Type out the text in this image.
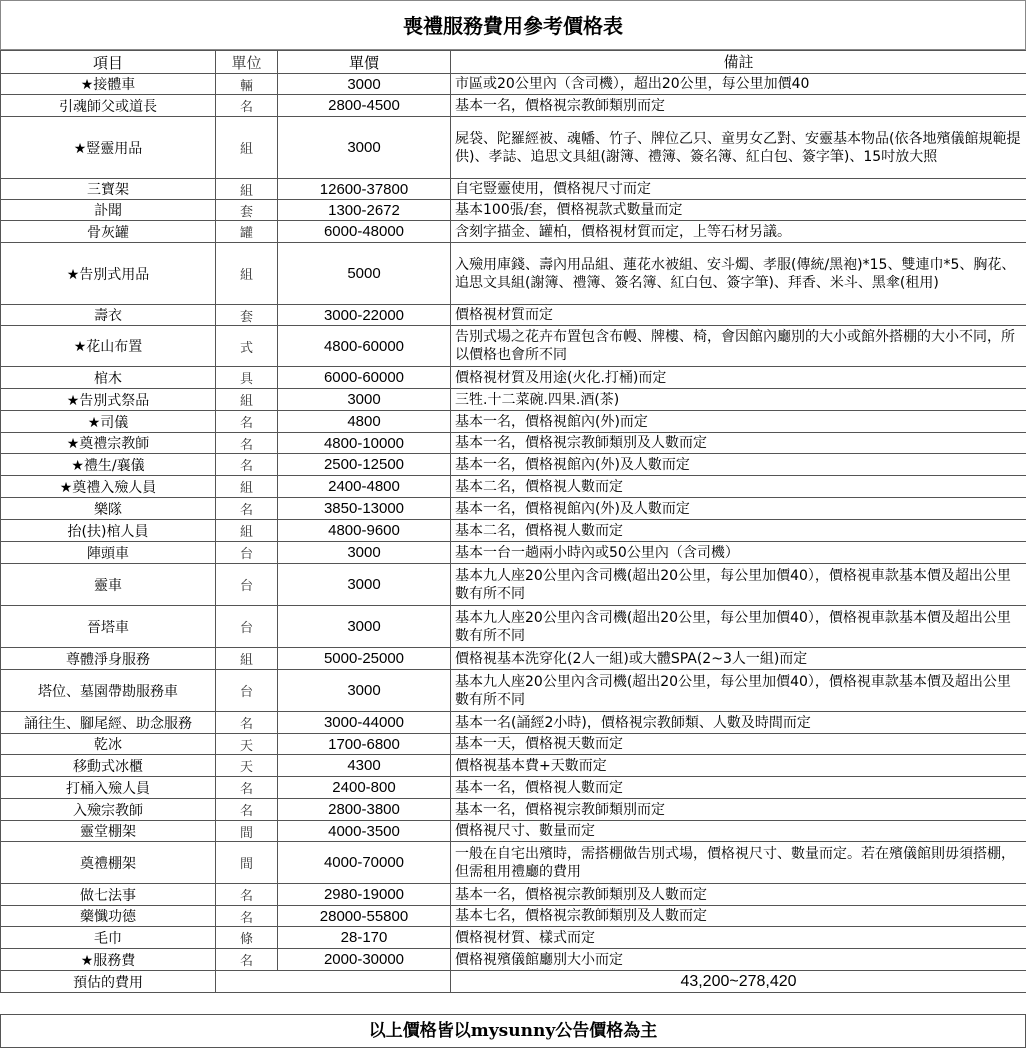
喪禮服務費用參考價格表
項目	單位	單價	備註
★接體車	輛	3000	市區或20公里內（含司機），超出20公里，每公里加價40
引魂師父或道長	名	2800-4500	基本一名，價格視宗教師類別而定
★豎靈用品	組	3000	屍袋、陀羅經被、魂幡、竹子、牌位乙只、童男女乙對、安靈基本物品(依各地殯儀館規範提供)、孝誌、追思文具組(謝簿、禮簿、簽名簿、紅白包、簽字筆)、15吋放大照
三寶架	組	12600-37800	自宅豎靈使用，價格視尺寸而定
訃聞	套	1300-2672	基本100張/套，價格視款式數量而定
骨灰罐	罐	6000-48000	含刻字描金、罐柏，價格視材質而定，上等石材另議。
★告別式用品	組	5000	入殮用庫錢、壽內用品組、蓮花水被組、安斗燭、孝服(傳統/黑袍)*15、雙連巾*5、胸花、追思文具組(謝簿、禮簿、簽名簿、紅白包、簽字筆)、拜香、米斗、黑傘(租用)
壽衣	套	3000-22000	價格視材質而定
★花山布置	式	4800-60000	告別式場之花卉布置包含布幔、牌樓、椅，會因館內廳別的大小或館外搭棚的大小不同，所以價格也會所不同
棺木	具	6000-60000	價格視材質及用途(火化.打桶)而定
★告別式祭品	組	3000	三牲.十二菜碗.四果.酒(茶)
★司儀	名	4800	基本一名，價格視館內(外)而定
★奠禮宗教師	名	4800-10000	基本一名，價格視宗教師類別及人數而定
★禮生/襄儀	名	2500-12500	基本一名，價格視館內(外)及人數而定
★奠禮入殮人員	組	2400-4800	基本二名，價格視人數而定
樂隊	名	3850-13000	基本一名，價格視館內(外)及人數而定
抬(扶)棺人員	組	4800-9600	基本二名，價格視人數而定
陣頭車	台	3000	基本一台一趟兩小時內或50公里內（含司機）
靈車	台	3000	基本九人座20公里內含司機(超出20公里，每公里加價40），價格視車款基本價及超出公里數有所不同
晉塔車	台	3000	基本九人座20公里內含司機(超出20公里，每公里加價40），價格視車款基本價及超出公里數有所不同
尊體淨身服務	組	5000-25000	價格視基本洗穿化(2人一組)或大體SPA(2~3人一組)而定
塔位、墓園帶勘服務車	台	3000	基本九人座20公里內含司機(超出20公里，每公里加價40），價格視車款基本價及超出公里數有所不同
誦往生、腳尾經、助念服務	名	3000-44000	基本一名(誦經2小時)，價格視宗教師類、人數及時間而定
乾冰	天	1700-6800	基本一天，價格視天數而定
移動式冰櫃	天	4300	價格視基本費+天數而定
打桶入殮人員	名	2400-800	基本一名，價格視人數而定
入殮宗教師	名	2800-3800	基本一名，價格視宗教師類別而定
靈堂棚架	間	4000-3500	價格視尺寸、數量而定
奠禮棚架	間	4000-70000	一般在自宅出殯時，需搭棚做告別式場，價格視尺寸、數量而定。若在殯儀館則毋須搭棚，但需租用禮廳的費用
做七法事	名	2980-19000	基本一名，價格視宗教師類別及人數而定
藥懺功德	名	28000-55800	基本七名，價格視宗教師類別及人數而定
毛巾	條	28-170	價格視材質、樣式而定
★服務費	名	2000-30000	價格視殯儀館廳別大小而定
預估的費用			43,200~278,420
以上價格皆以mysunny公告價格為主
